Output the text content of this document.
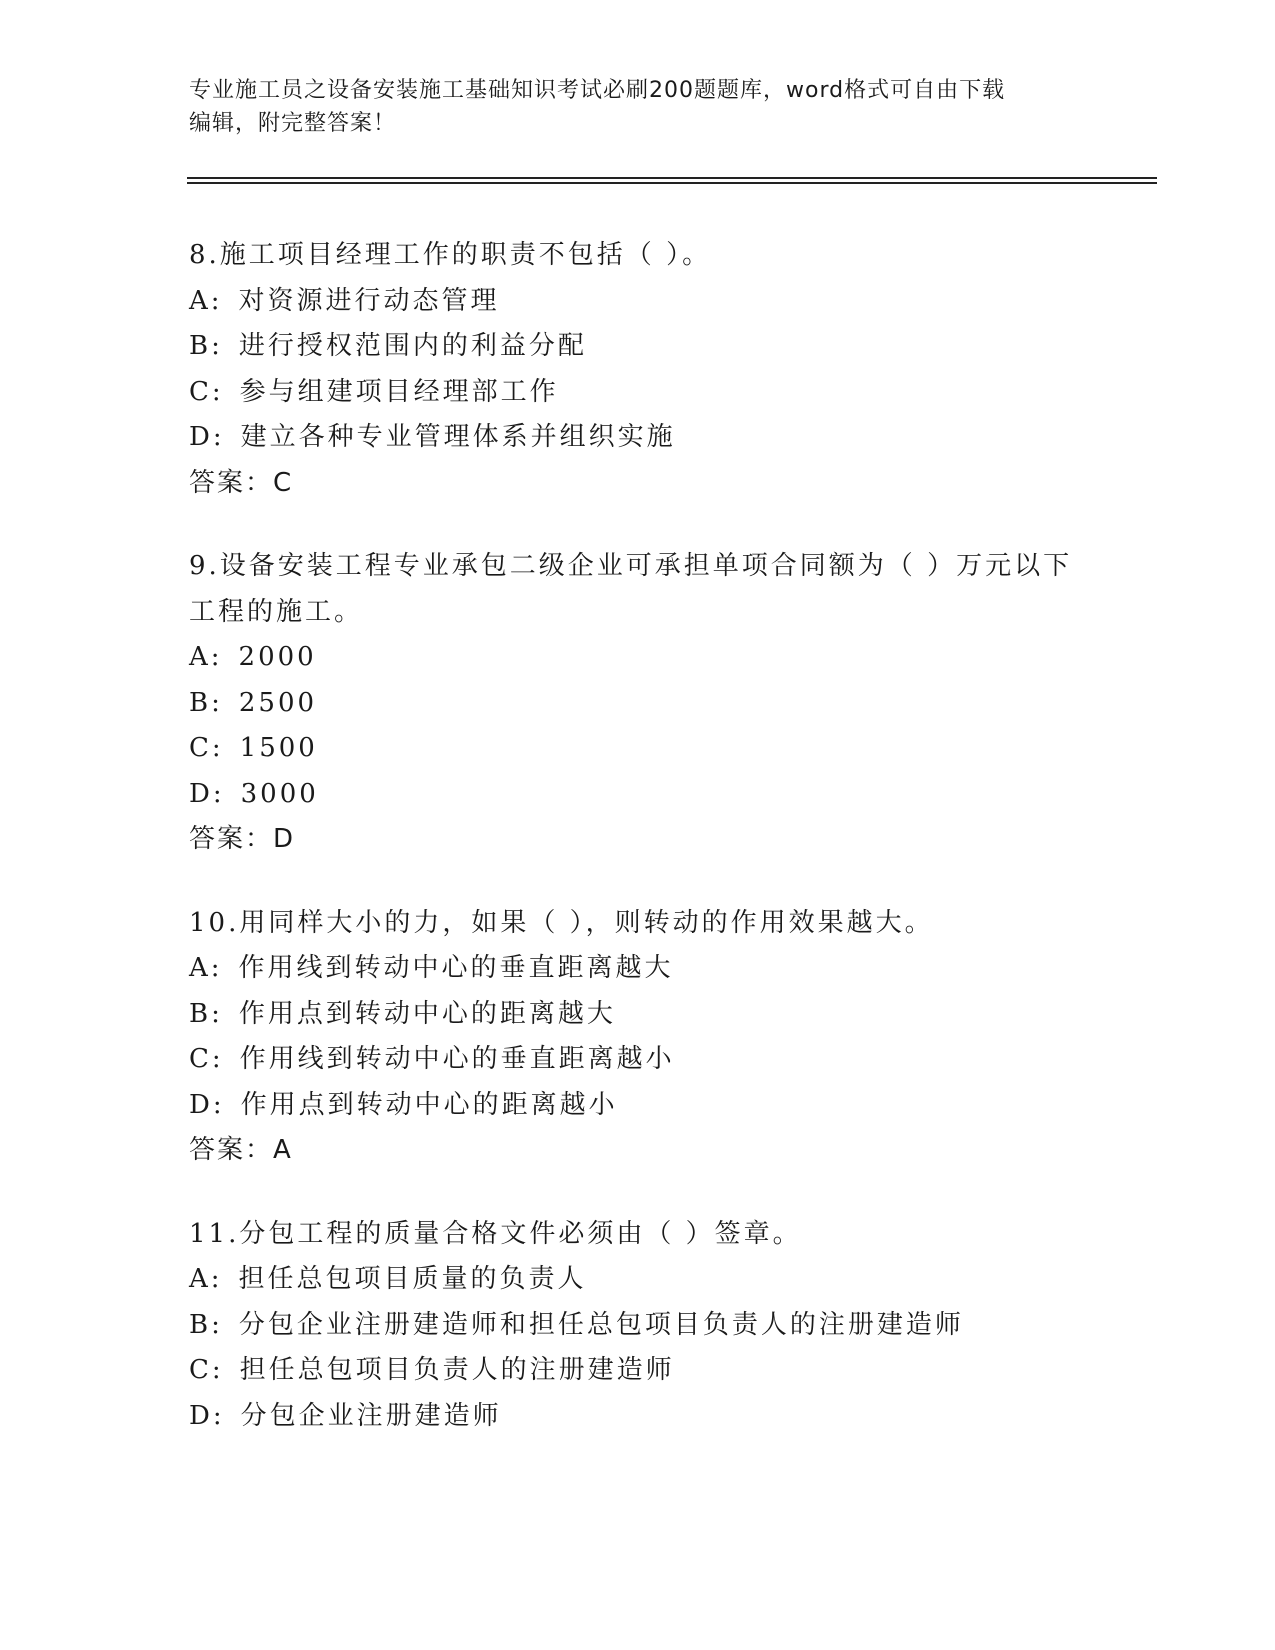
专业施工员之设备安装施工基础知识考试必刷200题题库，word格式可自由下载
编辑，附完整答案！
8.施工项目经理工作的职责不包括（ ）。
A: 对资源进行动态管理
B: 进行授权范围内的利益分配
C: 参与组建项目经理部工作
D: 建立各种专业管理体系并组织实施
答案：C
9.设备安装工程专业承包二级企业可承担单项合同额为（ ）万元以下工程的施工。
A: 2000
B: 2500
C: 1500
D: 3000
答案：D
10.用同样大小的力，如果（ ），则转动的作用效果越大。
A: 作用线到转动中心的垂直距离越大
B: 作用点到转动中心的距离越大
C: 作用线到转动中心的垂直距离越小
D: 作用点到转动中心的距离越小
答案：A
11.分包工程的质量合格文件必须由（ ）签章。
A: 担任总包项目质量的负责人
B: 分包企业注册建造师和担任总包项目负责人的注册建造师
C: 担任总包项目负责人的注册建造师
D: 分包企业注册建造师
